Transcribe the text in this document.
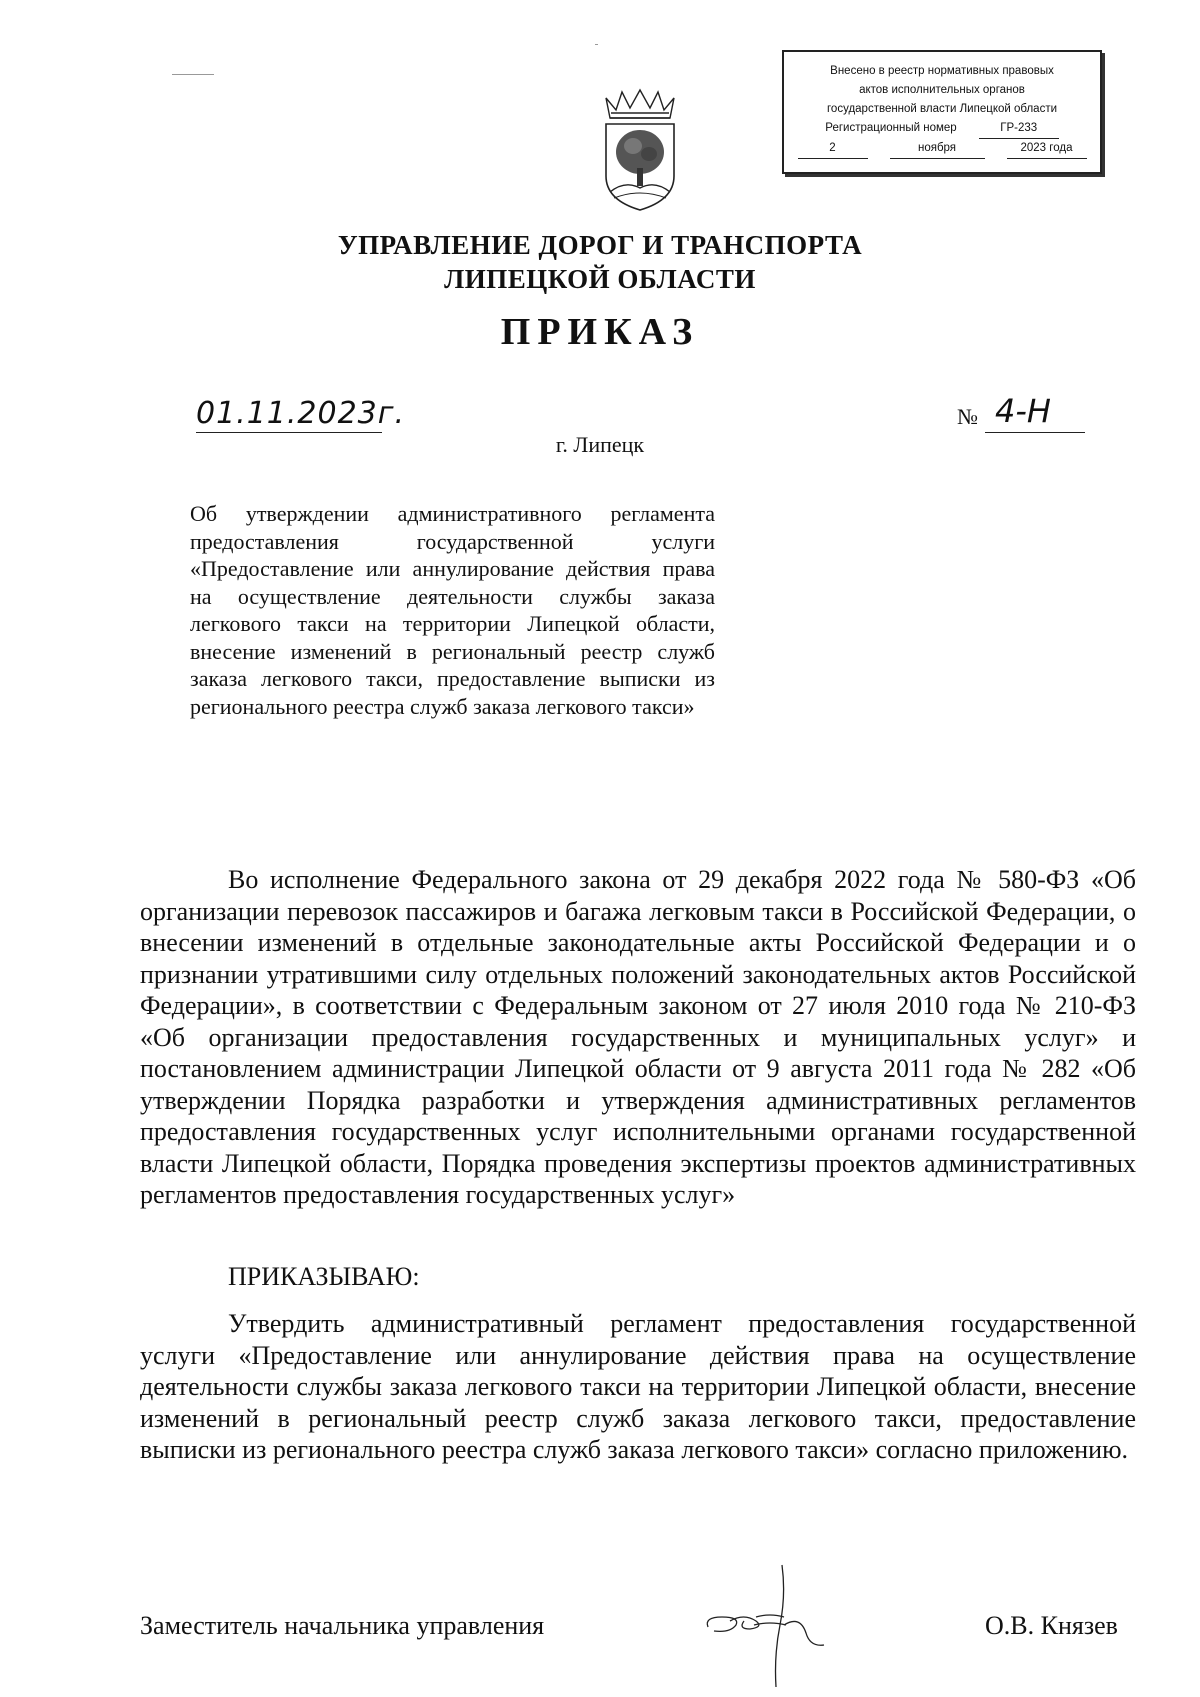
Внесено в реестр нормативных правовых
актов исполнительных органов
государственной власти Липецкой области
Регистрационный номер	ГР-233
2	ноября	2023 года
УПРАВЛЕНИЕ ДОРОГ И ТРАНСПОРТА
ЛИПЕЦКОЙ ОБЛАСТИ
ПРИКАЗ
01.11.2023г.	№ 4-Н
г. Липецк
Об утверждении административного регламента предоставления государственной услуги «Предоставление или аннулирование действия права на осуществление деятельности службы заказа легкового такси на территории Липецкой области, внесение изменений в региональный реестр служб заказа легкового такси, предоставление выписки из регионального реестра служб заказа легкового такси»
Во исполнение Федерального закона от 29 декабря 2022 года № 580-ФЗ «Об организации перевозок пассажиров и багажа легковым такси в Российской Федерации, о внесении изменений в отдельные законодательные акты Российской Федерации и о признании утратившими силу отдельных положений законодательных актов Российской Федерации», в соответствии с Федеральным законом от 27 июля 2010 года № 210-ФЗ «Об организации предоставления государственных и муниципальных услуг» и постановлением администрации Липецкой области от 9 августа 2011 года № 282 «Об утверждении Порядка разработки и утверждения административных регламентов предоставления государственных услуг исполнительными органами государственной власти Липецкой области, Порядка проведения экспертизы проектов административных регламентов предоставления государственных услуг»
ПРИКАЗЫВАЮ:
Утвердить административный регламент предоставления государственной услуги «Предоставление или аннулирование действия права на осуществление деятельности службы заказа легкового такси на территории Липецкой области, внесение изменений в региональный реестр служб заказа легкового такси, предоставление выписки из регионального реестра служб заказа легкового такси» согласно приложению.
Заместитель начальника управления	О.В. Князев
